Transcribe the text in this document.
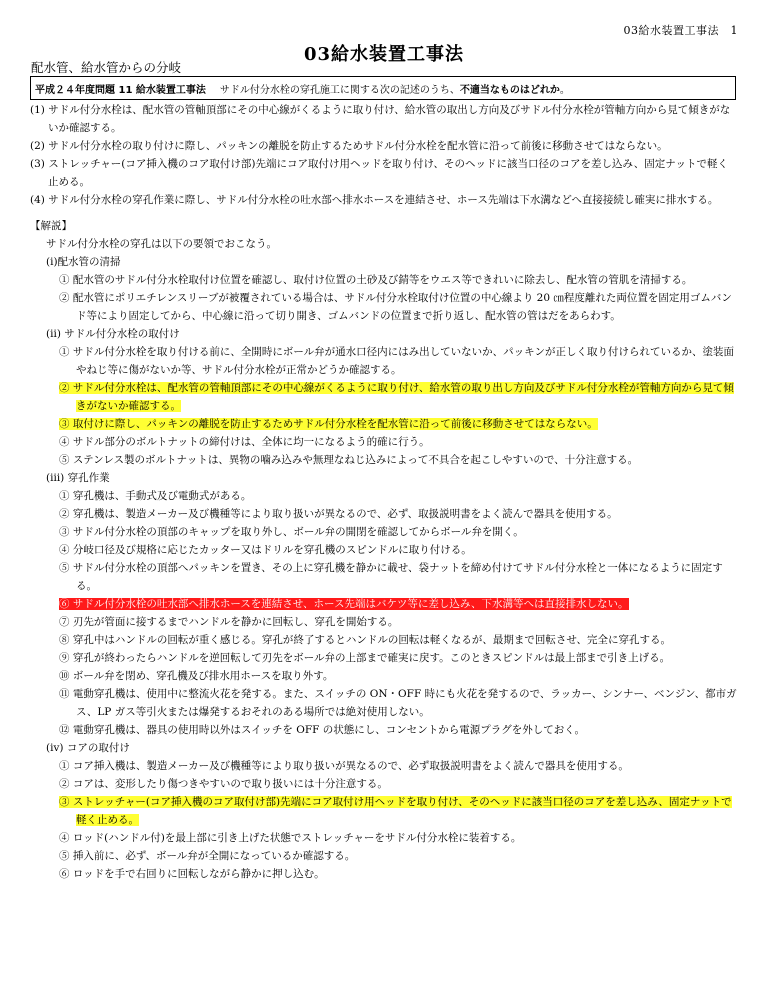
03給水装置工事法　1
03給水装置工事法
配水管、給水管からの分岐
平成２４年度問題 11 給水装置工事法 サドル付分水栓の穿孔施工に関する次の記述のうち、不適当なものはどれか。
(1) サドル付分水栓は、配水管の管軸頂部にその中心線がくるように取り付け、給水管の取出し方向及びサドル付分水栓が管軸方向から見て傾きがないか確認する。
(2) サドル付分水栓の取り付けに際し、パッキンの離脱を防止するためサドル付分水栓を配水管に沿って前後に移動させてはならない。
(3) ストレッチャー(コア挿入機のコア取付け部)先端にコア取付け用ヘッドを取り付け、そのヘッドに該当口径のコアを差し込み、固定ナットで軽く止める。
(4) サドル付分水栓の穿孔作業に際し、サドル付分水栓の吐水部へ排水ホースを連結させ、ホース先端は下水溝などへ直接接続し確実に排水する。
【解説】
サドル付分水栓の穿孔は以下の要領でおこなう。
(ⅰ)配水管の清掃
① 配水管のサドル付分水栓取付け位置を確認し、取付け位置の土砂及び錆等をウエス等できれいに除去し、配水管の管肌を清掃する。
② 配水管にポリエチレンスリーブが被覆されている場合は、サドル付分水栓取付け位置の中心線より 20 ㎝程度離れた両位置を固定用ゴムバンド等により固定してから、中心線に沿って切り開き、ゴムバンドの位置まで折り返し、配水管の管はだをあらわす。
(ⅱ) サドル付分水栓の取付け
① サドル付分水栓を取り付ける前に、全開時にボール弁が通水口径内にはみ出していないか、パッキンが正しく取り付けられているか、塗装面やねじ等に傷がないか等、サドル付分水栓が正常かどうか確認する。
② サドル付分水栓は、配水管の管軸頂部にその中心線がくるように取り付け、給水管の取り出し方向及びサドル付分水栓が管軸方向から見て傾きがないか確認する。
③ 取付けに際し、パッキンの離脱を防止するためサドル付分水栓を配水管に沿って前後に移動させてはならない。
④ サドル部分のボルトナットの締付けは、全体に均一になるよう的確に行う。
⑤ ステンレス製のボルトナットは、異物の噛み込みや無理なねじ込みによって不具合を起こしやすいので、十分注意する。
(ⅲ) 穿孔作業
① 穿孔機は、手動式及び電動式がある。
② 穿孔機は、製造メーカー及び機種等により取り扱いが異なるので、必ず、取扱説明書をよく読んで器具を使用する。
③ サドル付分水栓の頂部のキャップを取り外し、ボール弁の開閉を確認してからボール弁を開く。
④ 分岐口径及び規格に応じたカッター又はドリルを穿孔機のスピンドルに取り付ける。
⑤ サドル付分水栓の頂部へパッキンを置き、その上に穿孔機を静かに載せ、袋ナットを締め付けてサドル付分水栓と一体になるように固定する。
⑥ サドル付分水栓の吐水部へ排水ホースを連結させ、ホース先端はバケツ等に差し込み、下水溝等へは直接排水しない。
⑦ 刃先が管面に接するまでハンドルを静かに回転し、穿孔を開始する。
⑧ 穿孔中はハンドルの回転が重く感じる。穿孔が終了するとハンドルの回転は軽くなるが、最期まで回転させ、完全に穿孔する。
⑨ 穿孔が終わったらハンドルを逆回転して刃先をボール弁の上部まで確実に戻す。このときスピンドルは最上部まで引き上げる。
⑩ ボール弁を閉め、穿孔機及び排水用ホースを取り外す。
⑪ 電動穿孔機は、使用中に整流火花を発する。また、スイッチの ON・OFF 時にも火花を発するので、ラッカー、シンナー、ベンジン、都市ガス、LP ガス等引火または爆発するおそれのある場所では絶対使用しない。
⑫ 電動穿孔機は、器具の使用時以外はスイッチを OFF の状態にし、コンセントから電源プラグを外しておく。
(ⅳ) コアの取付け
① コア挿入機は、製造メーカー及び機種等により取り扱いが異なるので、必ず取扱説明書をよく読んで器具を使用する。
② コアは、変形したり傷つきやすいので取り扱いには十分注意する。
③ ストレッチャー(コア挿入機のコア取付け部)先端にコア取付け用ヘッドを取り付け、そのヘッドに該当口径のコアを差し込み、固定ナットで軽く止める。
④ ロッド(ハンドル付)を最上部に引き上げた状態でストレッチャーをサドル付分水栓に装着する。
⑤ 挿入前に、必ず、ボール弁が全開になっているか確認する。
⑥ ロッドを手で右回りに回転しながら静かに押し込む。
